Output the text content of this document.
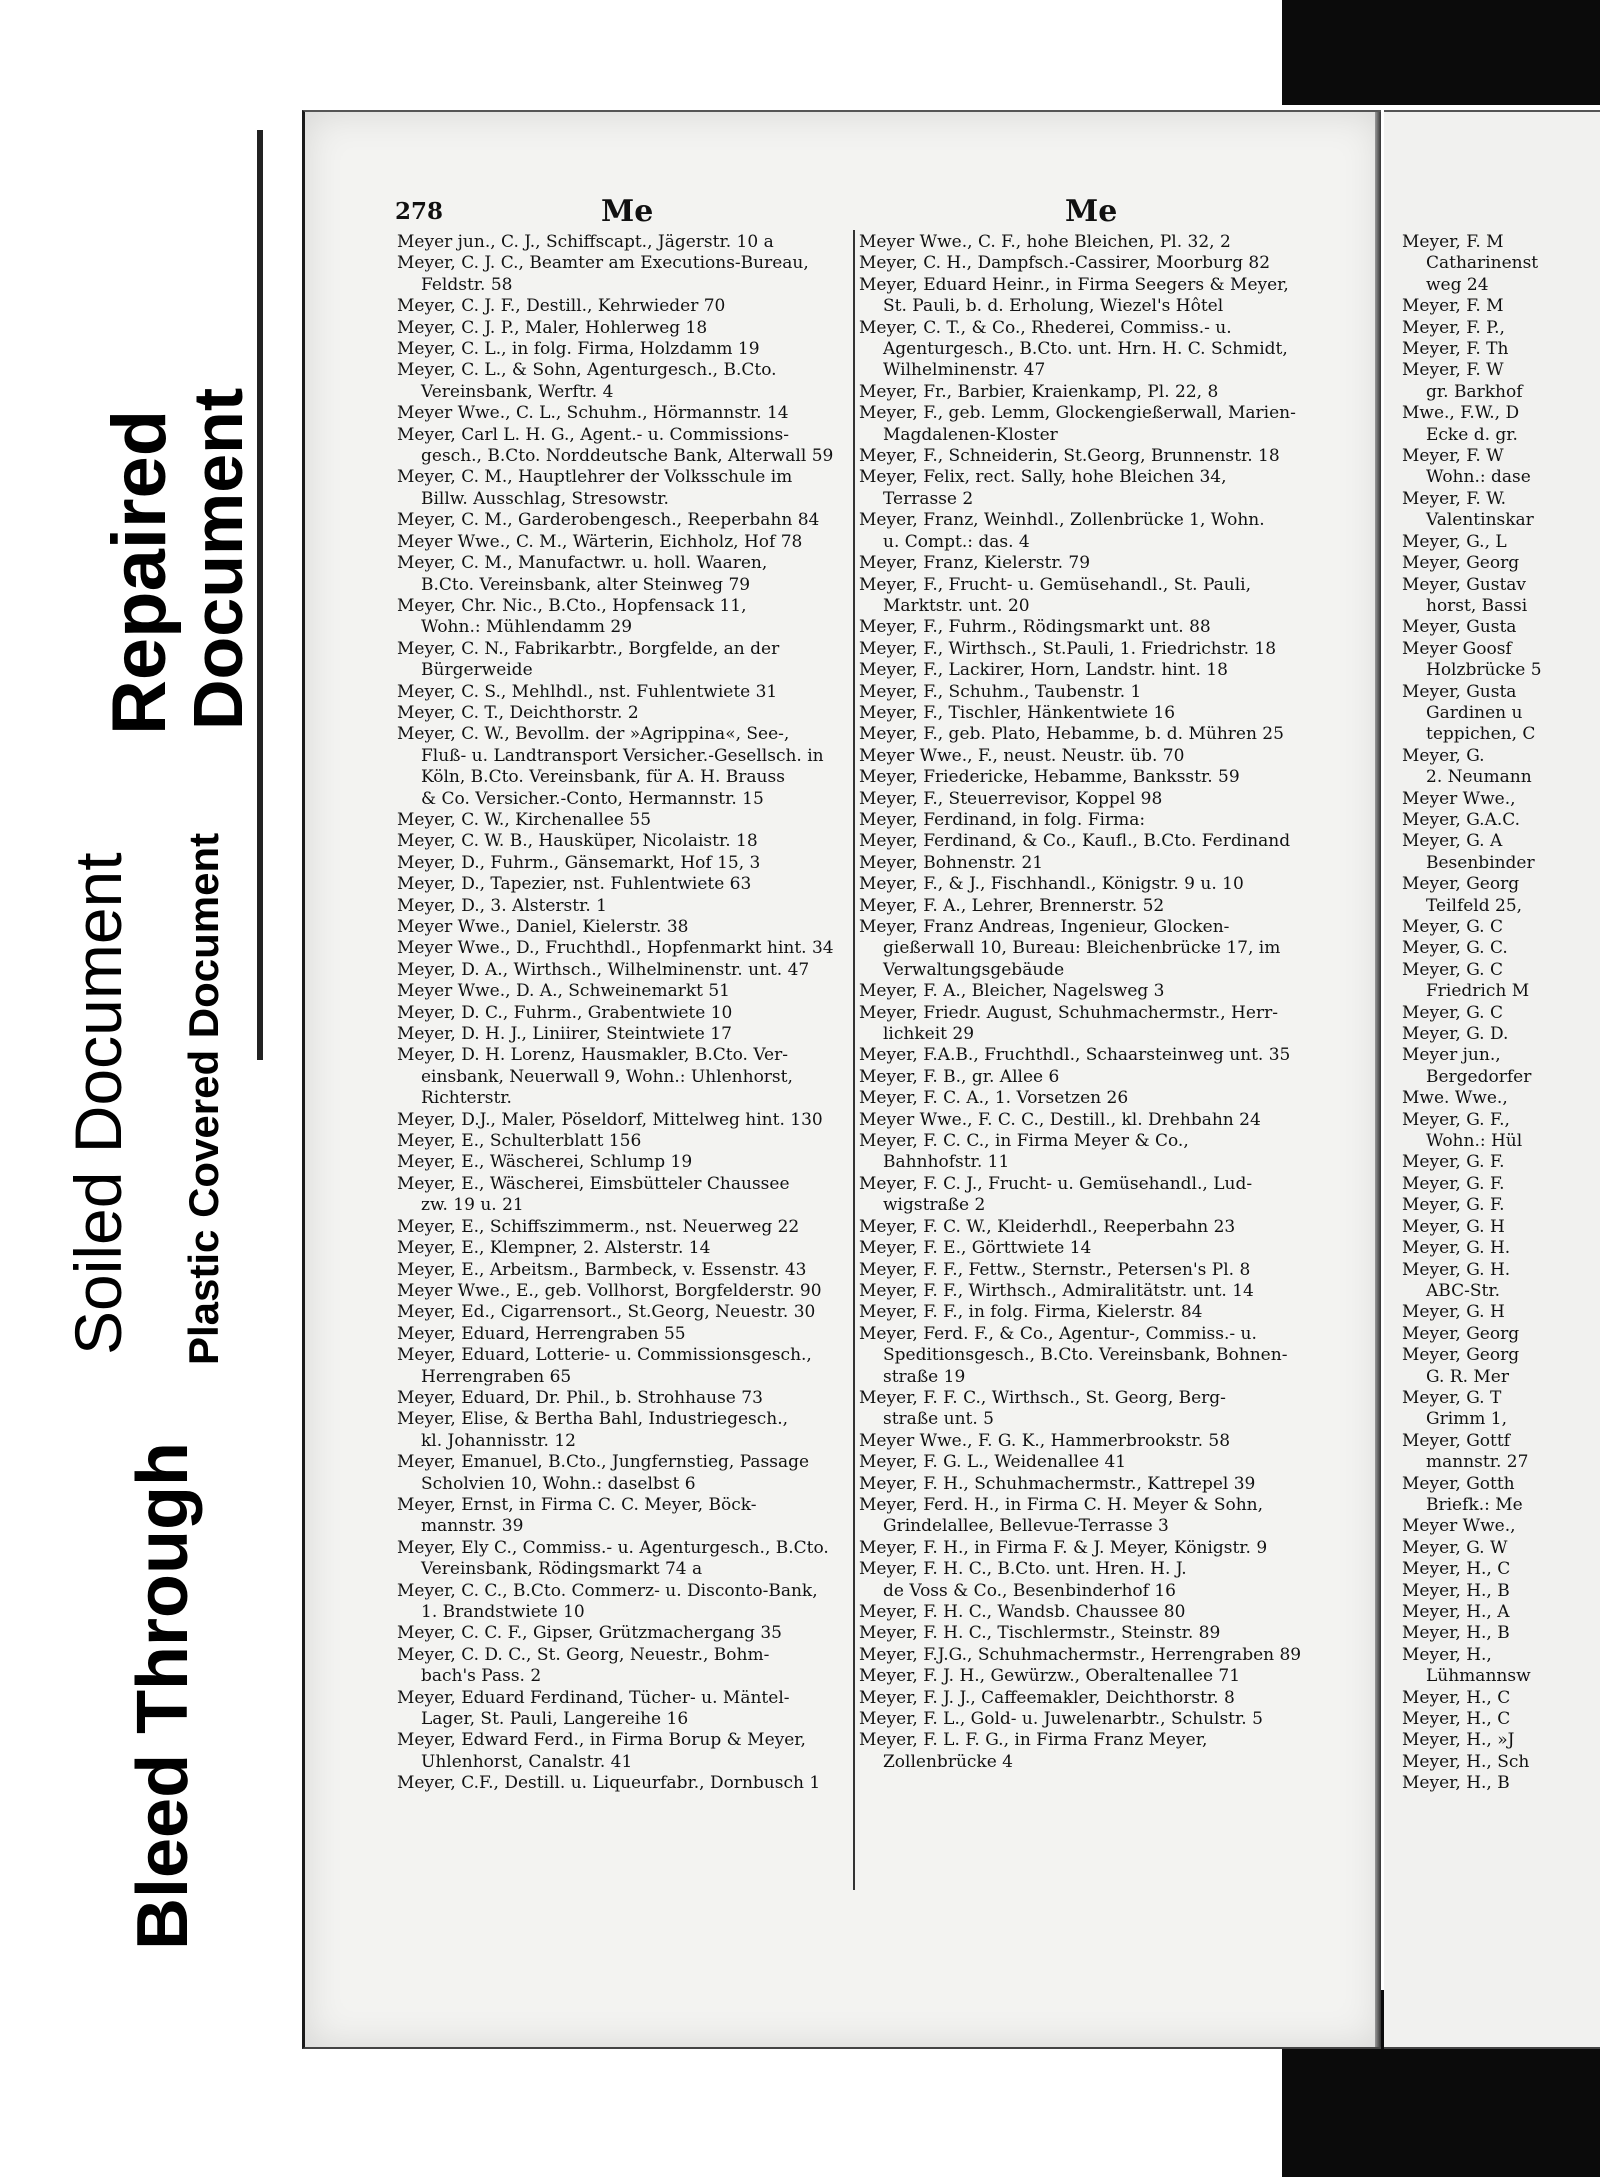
Bleed Through
Soiled Document Plastic Covered Document
Repaired
Document
278	Me	Me
Meyer jun., C. J., Schiffscapt., Jägerstr. 10 a
Meyer, C. J. C., Beamter am Executions-Bureau,
Feldstr. 58
Meyer, C. J. F., Destill., Kehrwieder 70
Meyer, C. J. P., Maler, Hohlerweg 18
Meyer, C. L., in folg. Firma, Holzdamm 19
Meyer, C. L., & Sohn, Agenturgesch., B.Cto.
Vereinsbank, Werftr. 4
Meyer Wwe., C. L., Schuhm., Hörmannstr. 14
Meyer, Carl L. H. G., Agent.- u. Commissions-
gesch., B.Cto. Norddeutsche Bank, Alterwall 59
Meyer, C. M., Hauptlehrer der Volksschule im
Billw. Ausschlag, Stresowstr.
Meyer, C. M., Garderobengesch., Reeperbahn 84
Meyer Wwe., C. M., Wärterin, Eichholz, Hof 78
Meyer, C. M., Manufactwr. u. holl. Waaren,
B.Cto. Vereinsbank, alter Steinweg 79
Meyer, Chr. Nic., B.Cto., Hopfensack 11,
Wohn.: Mühlendamm 29
Meyer, C. N., Fabrikarbtr., Borgfelde, an der
Bürgerweide
Meyer, C. S., Mehlhdl., nst. Fuhlentwiete 31
Meyer, C. T., Deichthorstr. 2
Meyer, C. W., Bevollm. der »Agrippina«, See-,
Fluß- u. Landtransport Versicher.-Gesellsch. in
Köln, B.Cto. Vereinsbank, für A. H. Brauss
& Co. Versicher.-Conto, Hermannstr. 15
Meyer, C. W., Kirchenallee 55
Meyer, C. W. B., Hausküper, Nicolaistr. 18
Meyer, D., Fuhrm., Gänsemarkt, Hof 15, 3
Meyer, D., Tapezier, nst. Fuhlentwiete 63
Meyer, D., 3. Alsterstr. 1
Meyer Wwe., Daniel, Kielerstr. 38
Meyer Wwe., D., Fruchthdl., Hopfenmarkt hint. 34
Meyer, D. A., Wirthsch., Wilhelminenstr. unt. 47
Meyer Wwe., D. A., Schweinemarkt 51
Meyer, D. C., Fuhrm., Grabentwiete 10
Meyer, D. H. J., Liniirer, Steintwiete 17
Meyer, D. H. Lorenz, Hausmakler, B.Cto. Ver-
einsbank, Neuerwall 9, Wohn.: Uhlenhorst,
Richterstr.
Meyer, D.J., Maler, Pöseldorf, Mittelweg hint. 130
Meyer, E., Schulterblatt 156
Meyer, E., Wäscherei, Schlump 19
Meyer, E., Wäscherei, Eimsbütteler Chaussee
zw. 19 u. 21
Meyer, E., Schiffszimmerm., nst. Neuerweg 22
Meyer, E., Klempner, 2. Alsterstr. 14
Meyer, E., Arbeitsm., Barmbeck, v. Essenstr. 43
Meyer Wwe., E., geb. Vollhorst, Borgfelderstr. 90
Meyer, Ed., Cigarrensort., St.Georg, Neuestr. 30
Meyer, Eduard, Herrengraben 55
Meyer, Eduard, Lotterie- u. Commissionsgesch.,
Herrengraben 65
Meyer, Eduard, Dr. Phil., b. Strohhause 73
Meyer, Elise, & Bertha Bahl, Industriegesch.,
kl. Johannisstr. 12
Meyer, Emanuel, B.Cto., Jungfernstieg, Passage
Scholvien 10, Wohn.: daselbst 6
Meyer, Ernst, in Firma C. C. Meyer, Böck-
mannstr. 39
Meyer, Ely C., Commiss.- u. Agenturgesch., B.Cto.
Vereinsbank, Rödingsmarkt 74 a
Meyer, C. C., B.Cto. Commerz- u. Disconto-Bank,
1. Brandstwiete 10
Meyer, C. C. F., Gipser, Grützmachergang 35
Meyer, C. D. C., St. Georg, Neuestr., Bohm-
bach's Pass. 2
Meyer, Eduard Ferdinand, Tücher- u. Mäntel-
Lager, St. Pauli, Langereihe 16
Meyer, Edward Ferd., in Firma Borup & Meyer,
Uhlenhorst, Canalstr. 41
Meyer, C.F., Destill. u. Liqueurfabr., Dornbusch 1
Meyer Wwe., C. F., hohe Bleichen, Pl. 32, 2
Meyer, C. H., Dampfsch.-Cassirer, Moorburg 82
Meyer, Eduard Heinr., in Firma Seegers & Meyer,
St. Pauli, b. d. Erholung, Wiezel's Hôtel
Meyer, C. T., & Co., Rhederei, Commiss.- u.
Agenturgesch., B.Cto. unt. Hrn. H. C. Schmidt,
Wilhelminenstr. 47
Meyer, Fr., Barbier, Kraienkamp, Pl. 22, 8
Meyer, F., geb. Lemm, Glockengießerwall, Marien-
Magdalenen-Kloster
Meyer, F., Schneiderin, St.Georg, Brunnenstr. 18
Meyer, Felix, rect. Sally, hohe Bleichen 34,
Terrasse 2
Meyer, Franz, Weinhdl., Zollenbrücke 1, Wohn.
u. Compt.: das. 4
Meyer, Franz, Kielerstr. 79
Meyer, F., Frucht- u. Gemüsehandl., St. Pauli,
Marktstr. unt. 20
Meyer, F., Fuhrm., Rödingsmarkt unt. 88
Meyer, F., Wirthsch., St.Pauli, 1. Friedrichstr. 18
Meyer, F., Lackirer, Horn, Landstr. hint. 18
Meyer, F., Schuhm., Taubenstr. 1
Meyer, F., Tischler, Hänkentwiete 16
Meyer, F., geb. Plato, Hebamme, b. d. Mühren 25
Meyer Wwe., F., neust. Neustr. üb. 70
Meyer, Friedericke, Hebamme, Banksstr. 59
Meyer, F., Steuerrevisor, Koppel 98
Meyer, Ferdinand, in folg. Firma:
Meyer, Ferdinand, & Co., Kaufl., B.Cto. Ferdinand
Meyer, Bohnenstr. 21
Meyer, F., & J., Fischhandl., Königstr. 9 u. 10
Meyer, F. A., Lehrer, Brennerstr. 52
Meyer, Franz Andreas, Ingenieur, Glocken-
gießerwall 10, Bureau: Bleichenbrücke 17, im
Verwaltungsgebäude
Meyer, F. A., Bleicher, Nagelsweg 3
Meyer, Friedr. August, Schuhmachermstr., Herr-
lichkeit 29
Meyer, F.A.B., Fruchthdl., Schaarsteinweg unt. 35
Meyer, F. B., gr. Allee 6
Meyer, F. C. A., 1. Vorsetzen 26
Meyer Wwe., F. C. C., Destill., kl. Drehbahn 24
Meyer, F. C. C., in Firma Meyer & Co.,
Bahnhofstr. 11
Meyer, F. C. J., Frucht- u. Gemüsehandl., Lud-
wigstraße 2
Meyer, F. C. W., Kleiderhdl., Reeperbahn 23
Meyer, F. E., Görttwiete 14
Meyer, F. F., Fettw., Sternstr., Petersen's Pl. 8
Meyer, F. F., Wirthsch., Admiralitätstr. unt. 14
Meyer, F. F., in folg. Firma, Kielerstr. 84
Meyer, Ferd. F., & Co., Agentur-, Commiss.- u.
Speditionsgesch., B.Cto. Vereinsbank, Bohnen-
straße 19
Meyer, F. F. C., Wirthsch., St. Georg, Berg-
straße unt. 5
Meyer Wwe., F. G. K., Hammerbrookstr. 58
Meyer, F. G. L., Weidenallee 41
Meyer, F. H., Schuhmachermstr., Kattrepel 39
Meyer, Ferd. H., in Firma C. H. Meyer & Sohn,
Grindelallee, Bellevue-Terrasse 3
Meyer, F. H., in Firma F. & J. Meyer, Königstr. 9
Meyer, F. H. C., B.Cto. unt. Hren. H. J.
de Voss & Co., Besenbinderhof 16
Meyer, F. H. C., Wandsb. Chaussee 80
Meyer, F. H. C., Tischlermstr., Steinstr. 89
Meyer, F.J.G., Schuhmachermstr., Herrengraben 89
Meyer, F. J. H., Gewürzw., Oberaltenallee 71
Meyer, F. J. J., Caffeemakler, Deichthorstr. 8
Meyer, F. L., Gold- u. Juwelenarbtr., Schulstr. 5
Meyer, F. L. F. G., in Firma Franz Meyer,
Zollenbrücke 4
Meyer, F. M
Catharinenst
weg 24
Meyer, F. M
Meyer, F. P.,
Meyer, F. Th
Meyer, F. W
gr. Barkhof
Mwe., F.W., D
Ecke d. gr.
Meyer, F. W
Wohn.: dase
Meyer, F. W.
Valentinskar
Meyer, G., L
Meyer, Georg
Meyer, Gustav
horst, Bassi
Meyer, Gusta
Meyer Goosf
Holzbrücke 5
Meyer, Gusta
Gardinen u
teppichen, C
Meyer, G.
2. Neumann
Meyer Wwe.,
Meyer, G.A.C.
Meyer, G. A
Besenbinder
Meyer, Georg
Teilfeld 25,
Meyer, G. C
Meyer, G. C.
Meyer, G. C
Friedrich M
Meyer, G. C
Meyer, G. D.
Meyer jun.,
Bergedorfer
Mwe. Wwe.,
Meyer, G. F.,
Wohn.: Hül
Meyer, G. F.
Meyer, G. F.
Meyer, G. F.
Meyer, G. H
Meyer, G. H.
Meyer, G. H.
ABC-Str.
Meyer, G. H
Meyer, Georg
Meyer, Georg
G. R. Mer
Meyer, G. T
Grimm 1,
Meyer, Gottf
mannstr. 27
Meyer, Gotth
Briefk.: Me
Meyer Wwe.,
Meyer, G. W
Meyer, H., C
Meyer, H., B
Meyer, H., A
Meyer, H., B
Meyer, H.,
Lühmannsw
Meyer, H., C
Meyer, H., C
Meyer, H., »J
Meyer, H., Sch
Meyer, H., B
